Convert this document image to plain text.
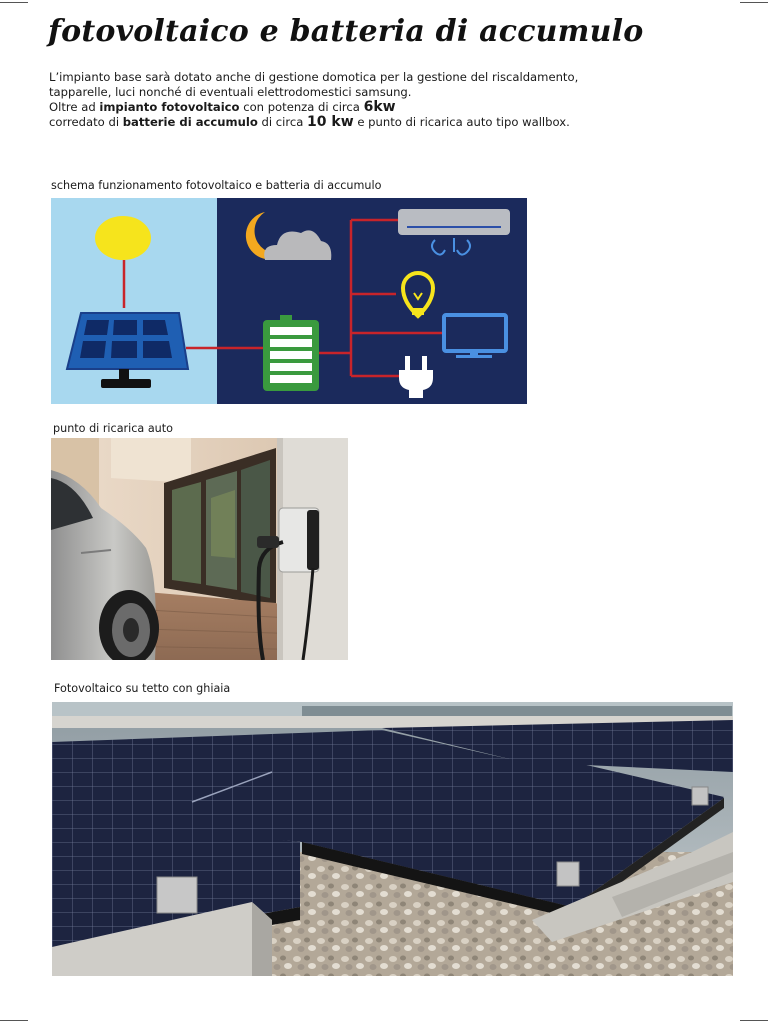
fotovoltaico e batteria di accumulo

L’impianto base sarà dotato anche di gestione domotica per la gestione del riscaldamento,

tapparelle, luci nonché di eventuali elettrodomestici samsung.

Oltre ad impianto fotovoltaico con potenza di circa 6kw

corredato di batterie di accumulo di circa 10 kw e punto di ricarica auto tipo wallbox.

schema funzionamento fotovoltaico e batteria di accumulo
punto di ricarica auto
Fotovoltaico su tetto con ghiaia
